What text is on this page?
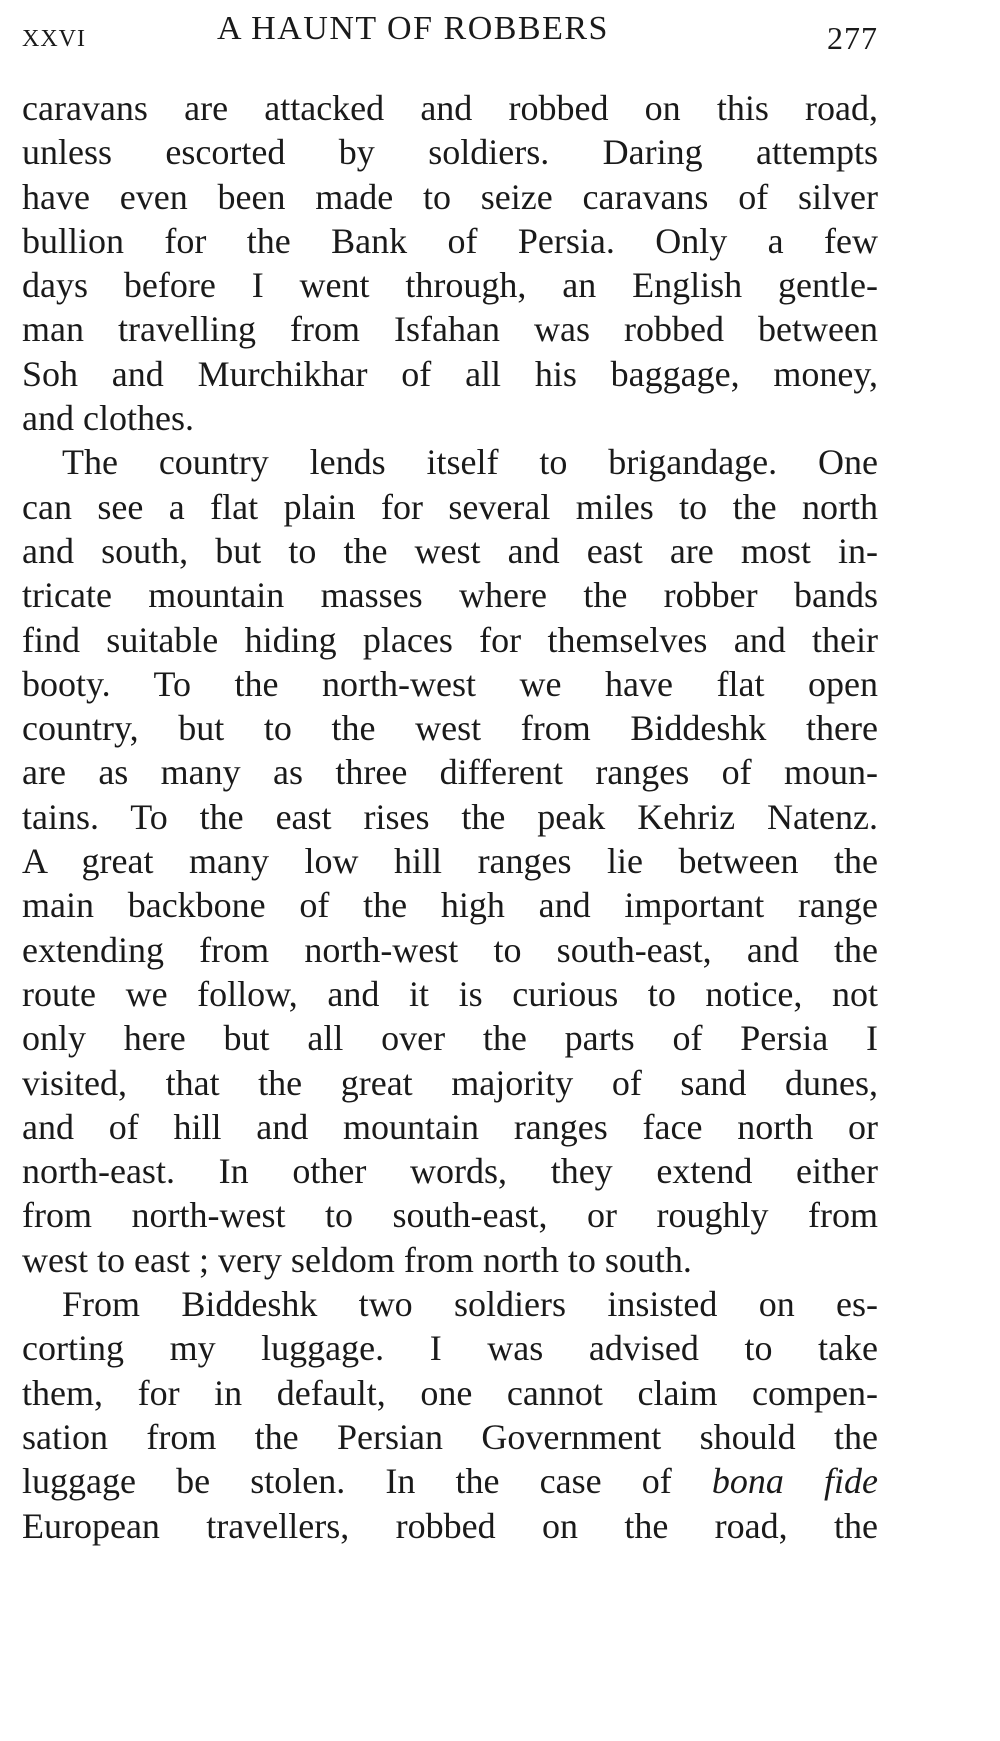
XXVI	A HAUNT OF ROBBERS	277
caravans are attacked and robbed on this road,
unless escorted by soldiers. Daring attempts
have even been made to seize caravans of silver
bullion for the Bank of Persia. Only a few
days before I went through, an English gentle-
man travelling from Isfahan was robbed between
Soh and Murchikhar of all his baggage, money,
and clothes.
The country lends itself to brigandage. One
can see a flat plain for several miles to the north
and south, but to the west and east are most in-
tricate mountain masses where the robber bands
find suitable hiding places for themselves and their
booty. To the north-west we have flat open
country, but to the west from Biddeshk there
are as many as three different ranges of moun-
tains. To the east rises the peak Kehriz Natenz.
A great many low hill ranges lie between the
main backbone of the high and important range
extending from north-west to south-east, and the
route we follow, and it is curious to notice, not
only here but all over the parts of Persia I
visited, that the great majority of sand dunes,
and of hill and mountain ranges face north or
north-east. In other words, they extend either
from north-west to south-east, or roughly from
west to east ; very seldom from north to south.
From Biddeshk two soldiers insisted on es-
corting my luggage. I was advised to take
them, for in default, one cannot claim compen-
sation from the Persian Government should the
luggage be stolen. In the case of bona fide
European travellers, robbed on the road, the
